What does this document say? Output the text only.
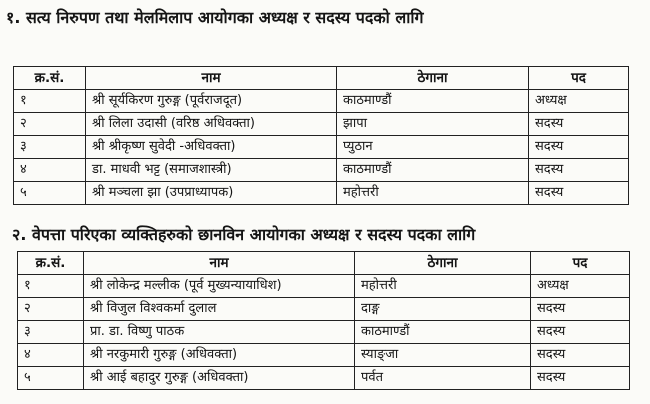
१. सत्य निरुपण तथा मेलमिलाप आयोगका अध्यक्ष र सदस्य पदको लागि
क्र.सं.	नाम	ठेगाना	पद
१	श्री सूर्यकिरण गुरुङ्ग (पूर्वराजदूत)	काठमाण्डौं	अध्यक्ष
२	श्री लिला उदासी (वरिष्ठ अधिवक्ता)	झापा	सदस्य
३	श्री श्रीकृष्ण सुवेदी -अधिवक्ता)	प्युठान	सदस्य
४	डा. माधवी भट्ट (समाजशास्त्री)	काठमाण्डौं	सदस्य
५	श्री मञ्चला झा (उपप्राध्यापक)	महोत्तरी	सदस्य
२. वेपत्ता परिएका व्यक्तिहरुको छानविन आयोगका अध्यक्ष र सदस्य पदका लागि
क्र.सं.	नाम	ठेगाना	पद
१	श्री लोकेन्द्र मल्लीक (पूर्व मुख्यन्यायाधिश)	महोत्तरी	अध्यक्ष
२	श्री विजुल विश्वकर्मा दुलाल	दाङ्ग	सदस्य
३	प्रा. डा. विष्णु पाठक	काठमाण्डौं	सदस्य
४	श्री नरकुमारी गुरुङ्ग (अधिवक्ता)	स्याङ्जा	सदस्य
५	श्री आई बहादुर गुरुङ्ग (अधिवक्ता)	पर्वत	सदस्य
